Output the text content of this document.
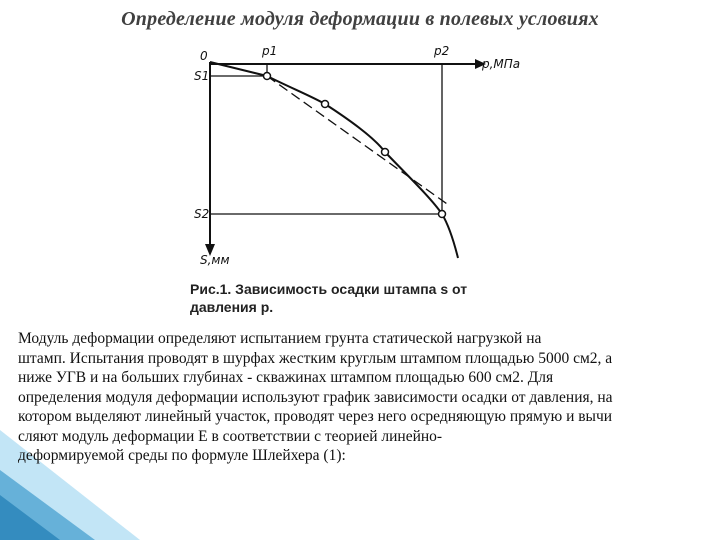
Определение модуля деформации в полевых условиях
0	p1	p2
p,МПа
S1
S2
S,мм
Рис.1. Зависимость осадки штампа s от
давления р.
Модуль деформации определяют испытанием грунта статической нагрузкой на
штамп. Испытания проводят в шурфах жестким круглым штампом площадью 5000 см2, а
ниже УГВ и на больших глубинах - скважинах штампом площадью 600 см2. Для
определения модуля деформации используют график зависимости осадки от давления, на
котором выделяют линейный участок, проводят через него осредняющую прямую и вычи
сляют модуль деформации Е в соответствии с теорией линейно-
деформируемой среды по формуле Шлейхера (1):
